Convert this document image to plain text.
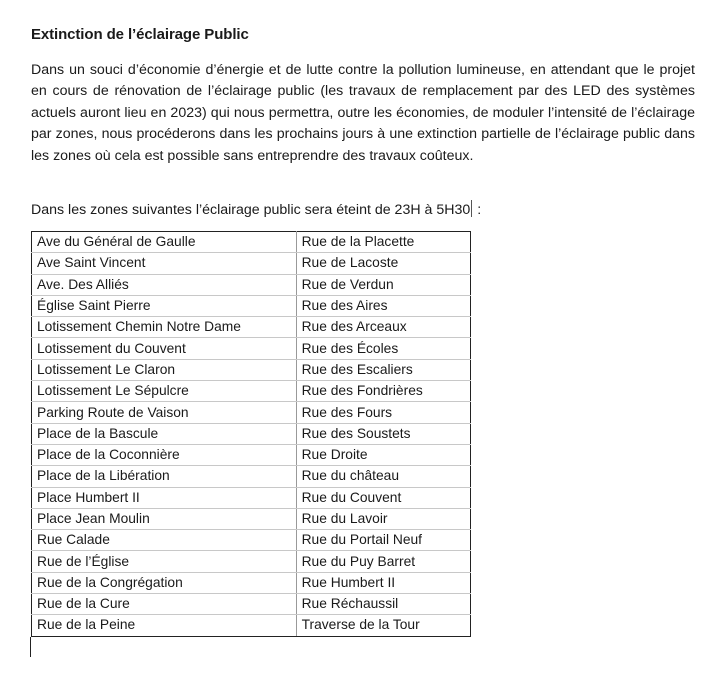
Extinction de l’éclairage Public
Dans un souci d’économie d’énergie et de lutte contre la pollution lumineuse, en attendant que le projet en cours de rénovation de l’éclairage public (les travaux de remplacement par des LED des systèmes actuels auront lieu en 2023) qui nous permettra, outre les économies, de moduler l’intensité de l’éclairage par zones, nous procéderons dans les prochains jours à une extinction partielle de l’éclairage public dans les zones où cela est possible sans entreprendre des travaux coûteux.
Dans les zones suivantes l’éclairage public sera éteint de 23H à 5H30 :
Ave du Général de Gaulle	Rue de la Placette
Ave Saint Vincent	Rue de Lacoste
Ave. Des Alliés	Rue de Verdun
Église Saint Pierre	Rue des Aires
Lotissement Chemin Notre Dame	Rue des Arceaux
Lotissement du Couvent	Rue des Écoles
Lotissement Le Claron	Rue des Escaliers
Lotissement Le Sépulcre	Rue des Fondrières
Parking Route de Vaison	Rue des Fours
Place de la Bascule	Rue des Soustets
Place de la Coconnière	Rue Droite
Place de la Libération	Rue du château
Place Humbert II	Rue du Couvent
Place Jean Moulin	Rue du Lavoir
Rue Calade	Rue du Portail Neuf
Rue de l’Église	Rue du Puy Barret
Rue de la Congrégation	Rue Humbert II
Rue de la Cure	Rue Réchaussil
Rue de la Peine	Traverse de la Tour
